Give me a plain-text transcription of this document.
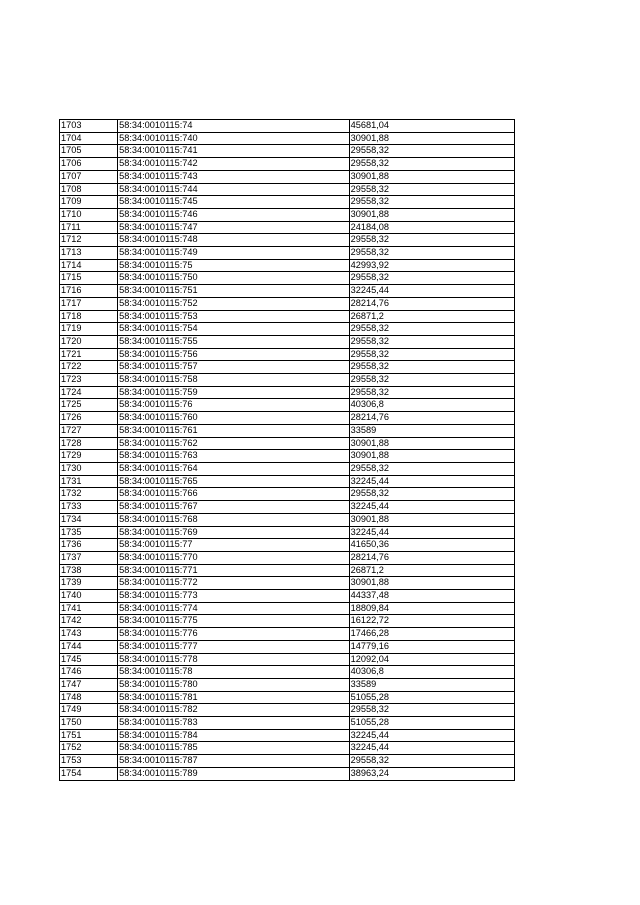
1703	58:34:0010115:74	45681,04
1704	58:34:0010115:740	30901,88
1705	58:34:0010115:741	29558,32
1706	58:34:0010115:742	29558,32
1707	58:34:0010115:743	30901,88
1708	58:34:0010115:744	29558,32
1709	58:34:0010115:745	29558,32
1710	58:34:0010115:746	30901,88
1711	58:34:0010115:747	24184,08
1712	58:34:0010115:748	29558,32
1713	58:34:0010115:749	29558,32
1714	58:34:0010115:75	42993,92
1715	58:34:0010115:750	29558,32
1716	58:34:0010115:751	32245,44
1717	58:34:0010115:752	28214,76
1718	58:34:0010115:753	26871,2
1719	58:34:0010115:754	29558,32
1720	58:34:0010115:755	29558,32
1721	58:34:0010115:756	29558,32
1722	58:34:0010115:757	29558,32
1723	58:34:0010115:758	29558,32
1724	58:34:0010115:759	29558,32
1725	58:34:0010115:76	40306,8
1726	58:34:0010115:760	28214,76
1727	58:34:0010115:761	33589
1728	58:34:0010115:762	30901,88
1729	58:34:0010115:763	30901,88
1730	58:34:0010115:764	29558,32
1731	58:34:0010115:765	32245,44
1732	58:34:0010115:766	29558,32
1733	58:34:0010115:767	32245,44
1734	58:34:0010115:768	30901,88
1735	58:34:0010115:769	32245,44
1736	58:34:0010115:77	41650,36
1737	58:34:0010115:770	28214,76
1738	58:34:0010115:771	26871,2
1739	58:34:0010115:772	30901,88
1740	58:34:0010115:773	44337,48
1741	58:34:0010115:774	18809,84
1742	58:34:0010115:775	16122,72
1743	58:34:0010115:776	17466,28
1744	58:34:0010115:777	14779,16
1745	58:34:0010115:778	12092,04
1746	58:34:0010115:78	40306,8
1747	58:34:0010115:780	33589
1748	58:34:0010115:781	51055,28
1749	58:34:0010115:782	29558,32
1750	58:34:0010115:783	51055,28
1751	58:34:0010115:784	32245,44
1752	58:34:0010115:785	32245,44
1753	58:34:0010115:787	29558,32
1754	58:34:0010115:789	38963,24
